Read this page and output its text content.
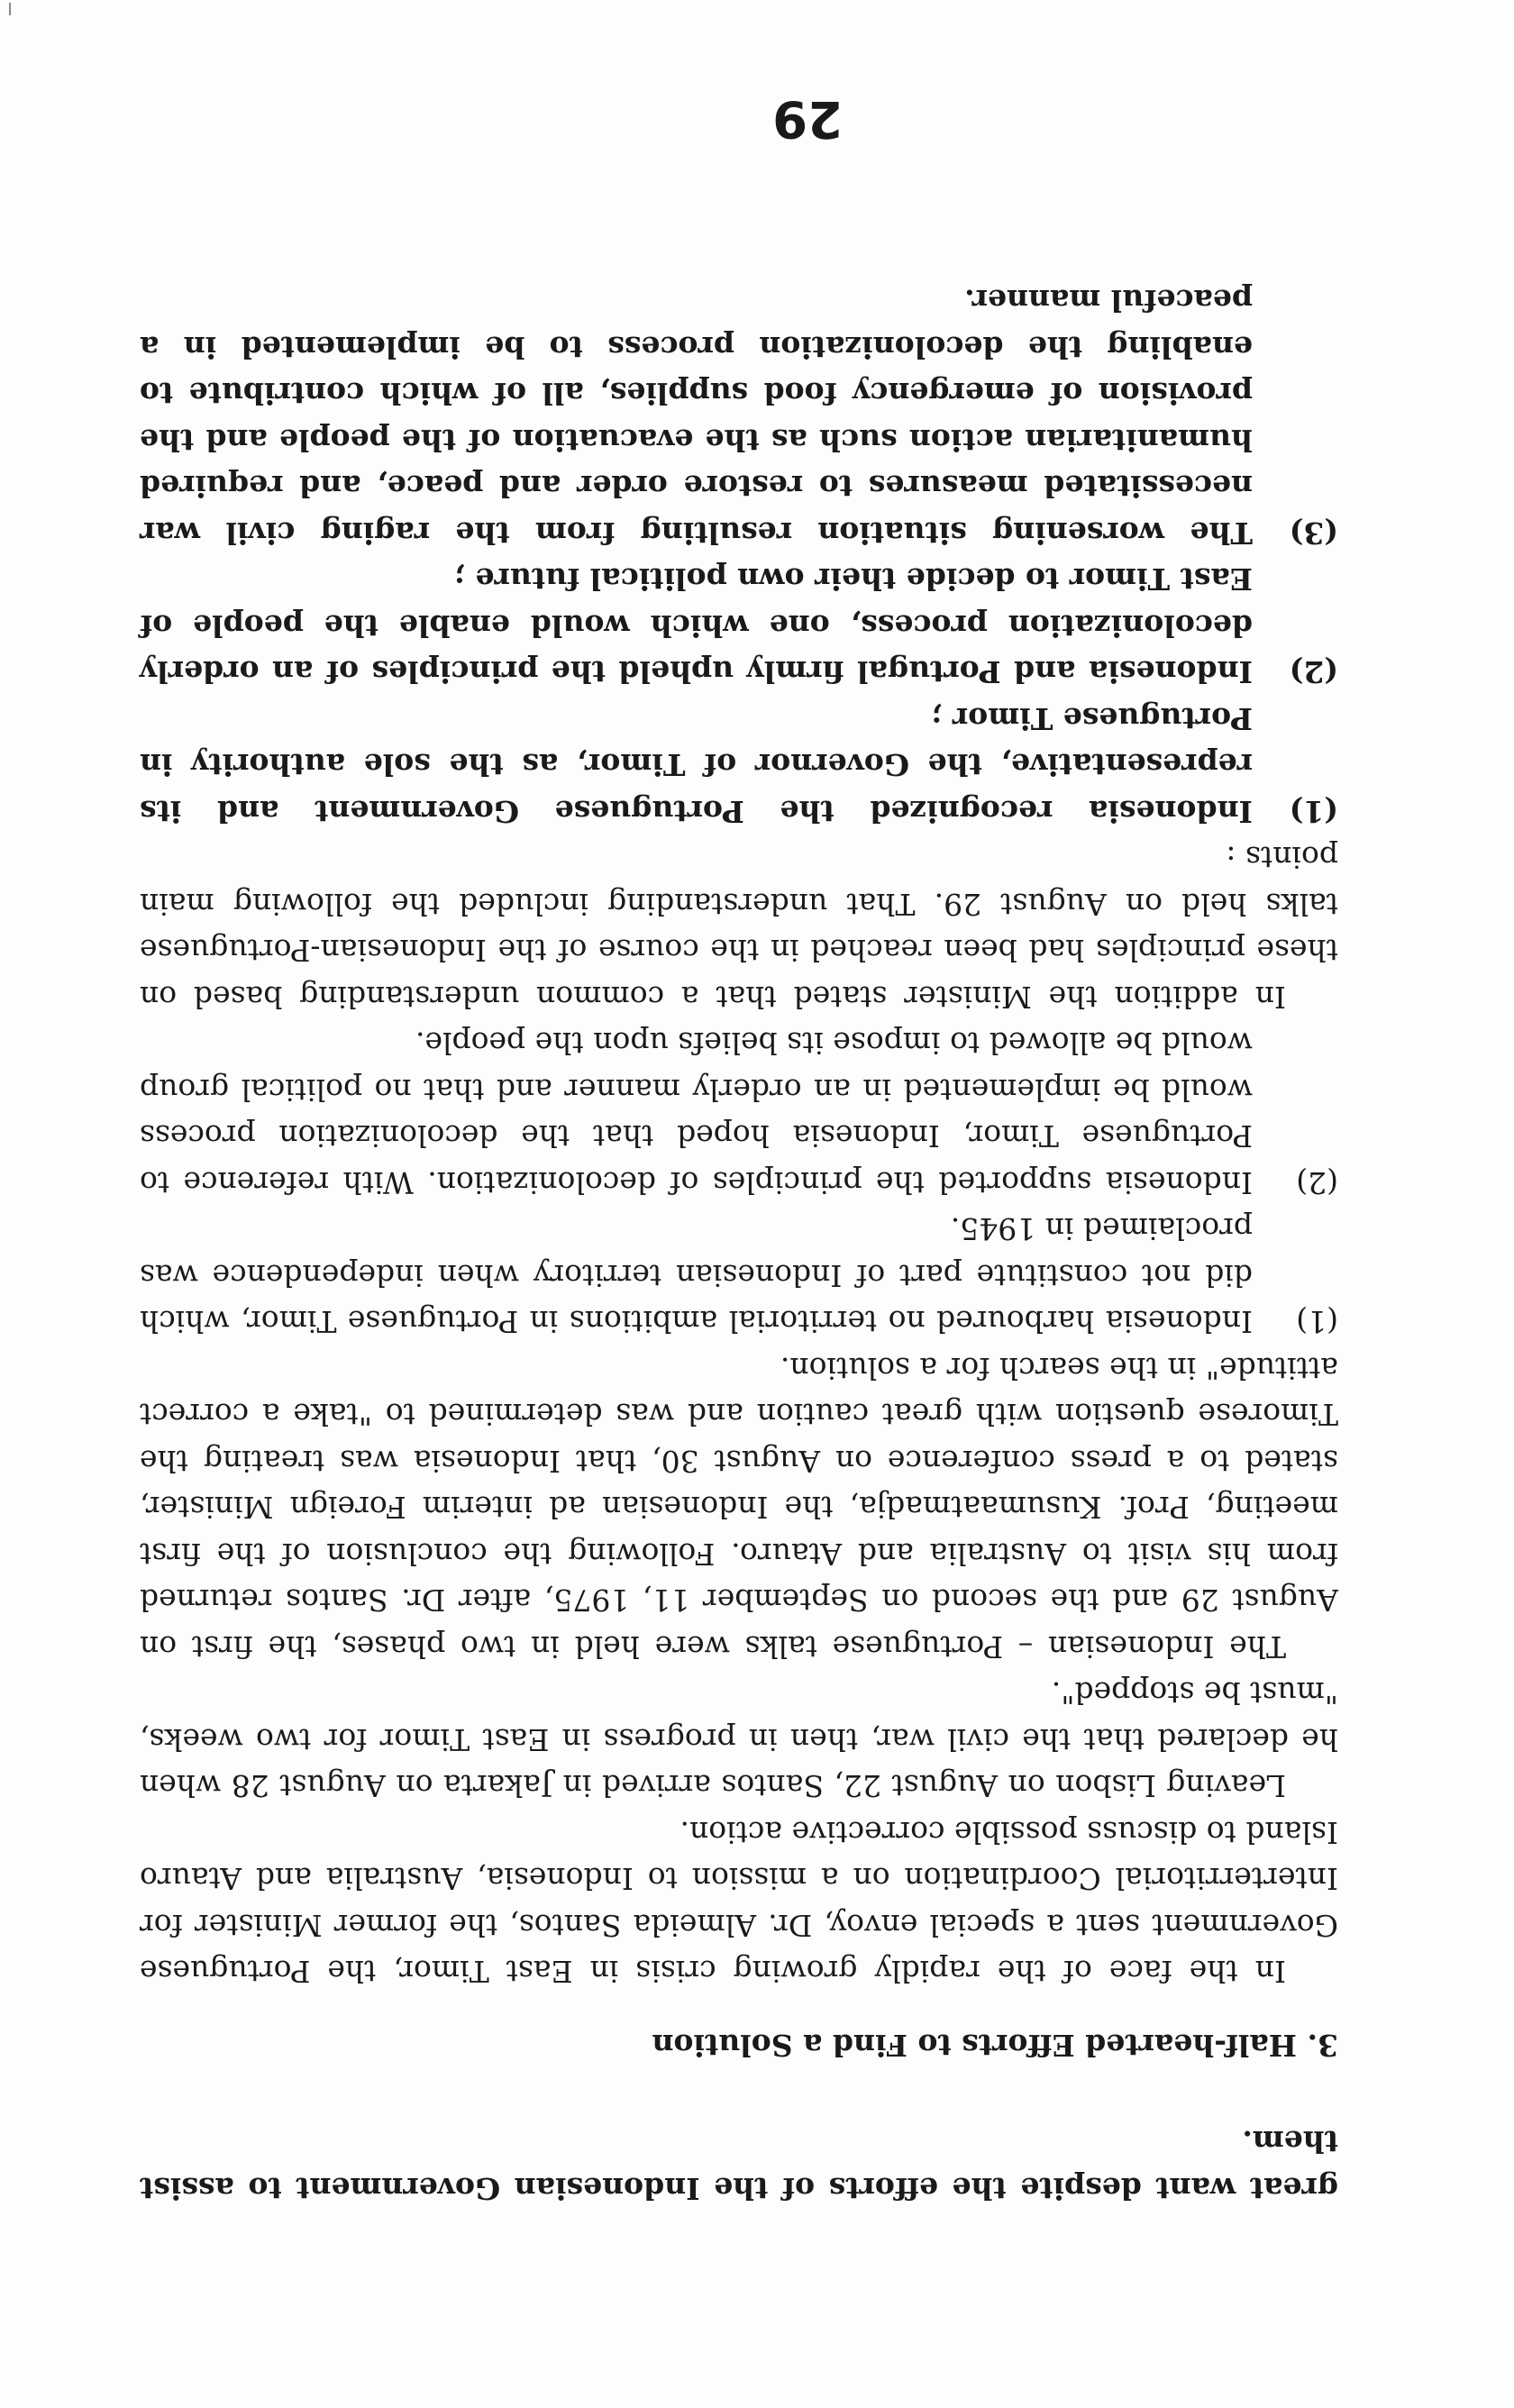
great want despite the efforts of the Indonesian Government to assist them.

3. Half-hearted Efforts to Find a Solution

In the face of the rapidly growing crisis in East Timor, the Portuguese Government sent a special envoy, Dr. Almeida Santos, the former Minister for Interterritorial Coordination on a mission to Indonesia, Australia and Atauro Island to discuss possible corrective action.

Leaving Lisbon on August 22, Santos arrived in Jakarta on August 28 when he declared that the civil war, then in progress in East Timor for two weeks, "must be stopped".

The Indonesian – Portuguese talks were held in two phases, the first on August 29 and the second on September 11, 1975, after Dr. Santos returned from his visit to Australia and Atauro. Following the conclusion of the first meeting, Prof. Kusumaatmadja, the Indonesian ad interim Foreign Minister, stated to a press conference on August 30, that Indonesia was treating the Timorese question with great caution and was determined to "take a correct attitude" in the search for a solution.

(1)
Indonesia harboured no territorial ambitions in Portuguese Timor, which did not constitute part of Indonesian territory when independence was proclaimed in 1945.
(2)
Indonesia supported the principles of decolonization. With reference to Portuguese Timor, Indonesia hoped that the decolonization process would be implemented in an orderly manner and that no political group would be allowed to impose its beliefs upon the people.

In addition the Minister stated that a common understanding based on these principles had been reached in the course of the Indonesian-Portuguese talks held on August 29. That understanding included the following main points :

(1)
Indonesia recognized the Portuguese Government and its representative, the Governor of Timor, as the sole authority in Portuguese Timor ;
(2)
Indonesia and Portugal firmly upheld the principles of an orderly decolonization process, one which would enable the people of East Timor to decide their own political future ;
(3)
The worsening situation resulting from the raging civil war necessitated measures to restore order and peace, and required humanitarian action such as the evacuation of the people and the provision of emergency food supplies, all of which contribute to enabling the decolonization process to be implemented in a peaceful manner.
29
